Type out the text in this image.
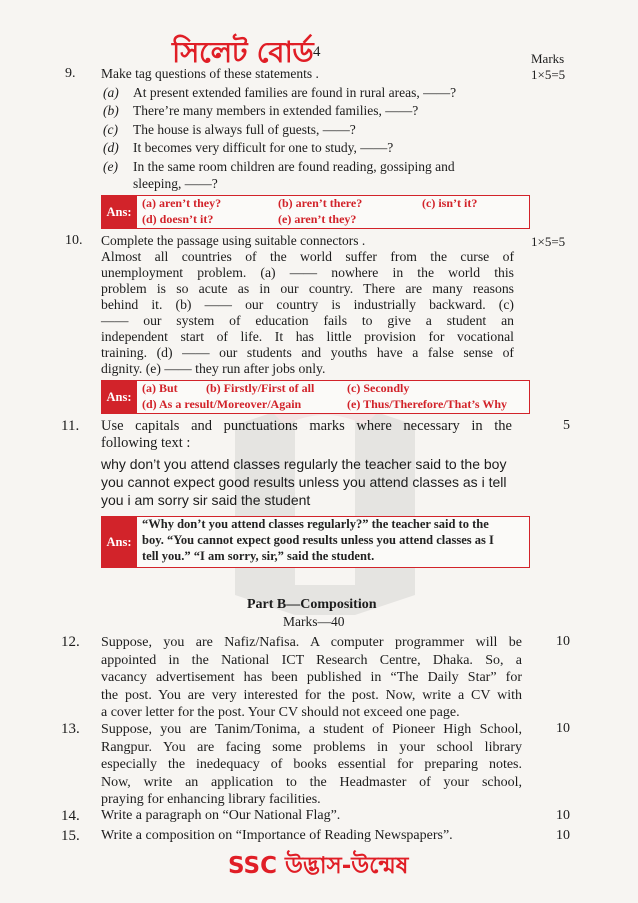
সিলেট বোর্ড 4	Marks
9. Make tag questions of these statements .	1×5=5
(a) At present extended families are found in rural areas, ——?
(b) There’re many members in extended families, ——?
(c) The house is always full of guests, ——?
(d) It becomes very difficult for one to study, ——?
(e) In the same room children are found reading, gossiping and
sleeping, ——?
Ans:
(a) aren’t they?	(b) aren’t there?	(c) isn’t it?
(d) doesn’t it?	(e) aren’t they?
10. Complete the passage using suitable connectors .	1×5=5
Almost all countries of the world suffer from the curse of
unemployment problem. (a) —— nowhere in the world this
problem is so acute as in our country. There are many reasons
behind it. (b) —— our country is industrially backward. (c)
—— our system of education fails to give a student an
independent start of life. It has little provision for vocational
training. (d) —— our students and youths have a false sense of
dignity. (e) —— they run after jobs only.
Ans:
(a) But (b) Firstly/First of all	(c) Secondly
(d) As a result/Moreover/Again	(e) Thus/Therefore/That’s Why
11. Use capitals and punctuations marks where necessary in the
following text :
5
why don’t you attend classes regularly the teacher said to the boy
you cannot expect good results unless you attend classes as i tell
you i am sorry sir said the student
Ans:
“Why don’t you attend classes regularly?” the teacher said to the
boy. “You cannot expect good results unless you attend classes as I
tell you.” “I am sorry, sir,” said the student.
Part B—Composition
Marks—40
12. Suppose, you are Nafiz/Nafisa. A computer programmer will be
appointed in the National ICT Research Centre, Dhaka. So, a
vacancy advertisement has been published in “The Daily Star” for
the post. You are very interested for the post. Now, write a CV with
a cover letter for the post. Your CV should not exceed one page.
10
13. Suppose, you are Tanim/Tonima, a student of Pioneer High School,
Rangpur. You are facing some problems in your school library
especially the inedequacy of books essential for preparing notes.
Now, write an application to the Headmaster of your school,
praying for enhancing library facilities.
10
14. Write a paragraph on “Our National Flag”.	10
15. Write a composition on “Importance of Reading Newspapers”.	10
SSC উদ্ভাস-উন্মেষ
